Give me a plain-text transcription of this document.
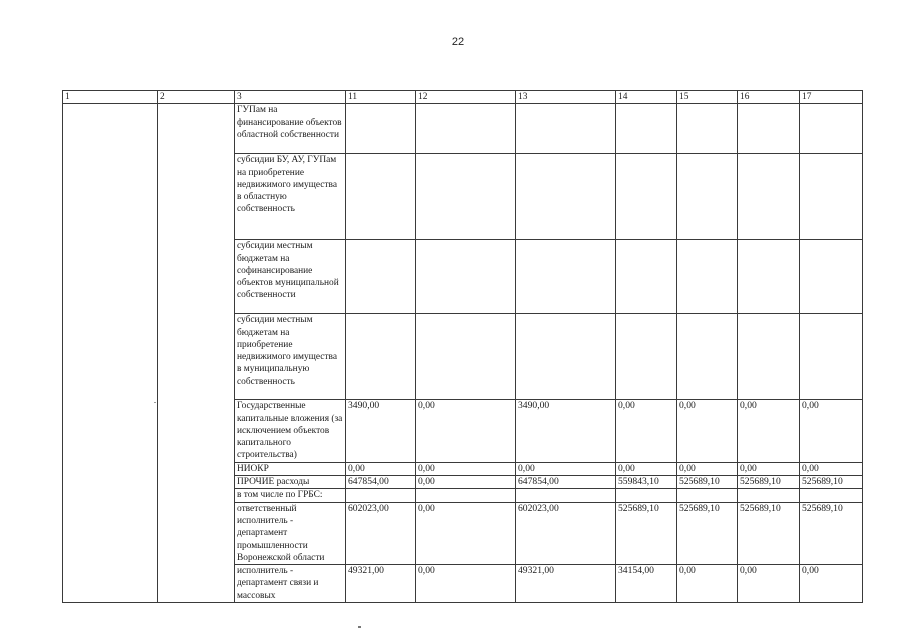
22
1	2	3	11	12	13	14	15	16	17
		ГУПам на финансирование объектов областной собственности							
		субсидии БУ, АУ, ГУПам на приобретение недвижимого имущества в областную собственность							
		субсидии местным бюджетам на софинансирование объектов муниципальной собственности							
		субсидии местным бюджетам на приобретение недвижимого имущества в муниципальную собственность							
		Государственные капитальные вложения (за исключением объектов капитального строительства)	3490,00	0,00	3490,00	0,00	0,00	0,00	0,00
		НИОКР	0,00	0,00	0,00	0,00	0,00	0,00	0,00
		ПРОЧИЕ расходы	647854,00	0,00	647854,00	559843,10	525689,10	525689,10	525689,10
		в том числе по ГРБС:							
		ответственный исполнитель - департамент промышленности Воронежской области	602023,00	0,00	602023,00	525689,10	525689,10	525689,10	525689,10
		исполнитель - департамент связи и массовых	49321,00	0,00	49321,00	34154,00	0,00	0,00	0,00
